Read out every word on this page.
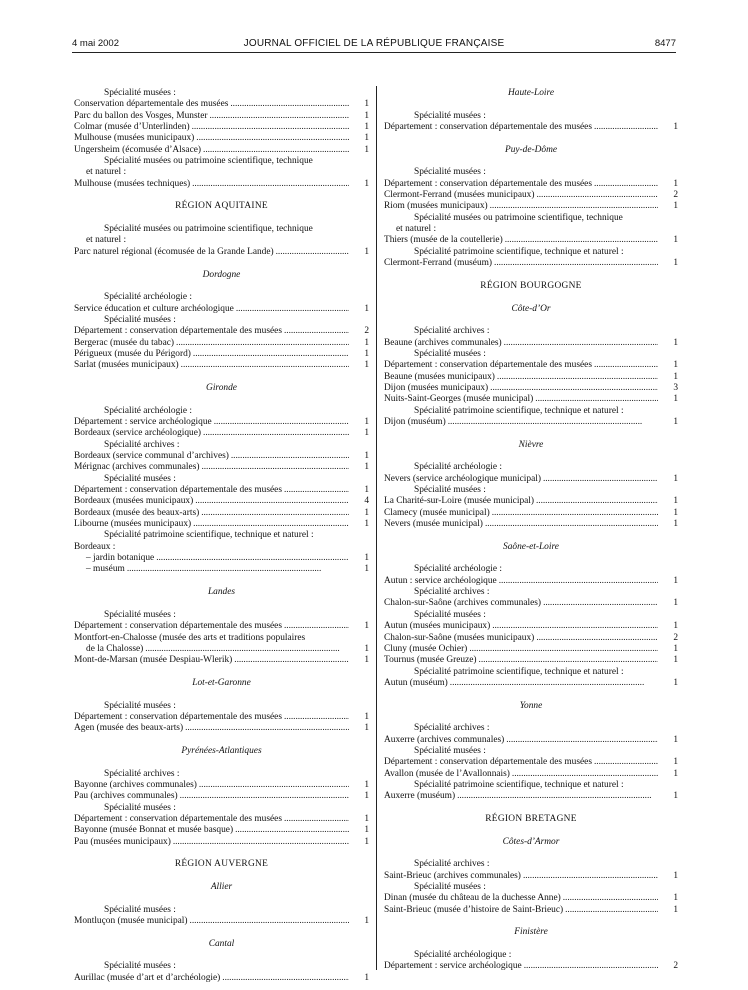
4 mai 2002	JOURNAL OFFICIEL DE LA RÉPUBLIQUE FRANÇAISE	8477
Spécialité musées :
Conservation départementale des musées . . .	1
Parc du ballon des Vosges, Munster . . .	1
Colmar (musée d’Unterlinden) . . .	1
Mulhouse (musées municipaux) . . .	1
Ungersheim (écomusée d’Alsace) . . .	1
Spécialité musées ou patrimoine scientifique, technique
et naturel :
Mulhouse (musées techniques) . . .	1
RÉGION AQUITAINE
Spécialité musées ou patrimoine scientifique, technique
et naturel :
Parc naturel régional (écomusée de la Grande Lande) . . .	1
Dordogne
Spécialité archéologie :
Service éducation et culture archéologique . . .	1
Spécialité musées :
Département : conservation départementale des musées . . .	2
Bergerac (musée du tabac) . . .	1
Périgueux (musée du Périgord) . . .	1
Sarlat (musées municipaux) . . .	1
Gironde
Spécialité archéologie :
Département : service archéologique . . .	1
Bordeaux (service archéologique) . . .	1
Spécialité archives :
Bordeaux (service communal d’archives) . . .	1
Mérignac (archives communales) . . .	1
Spécialité musées :
Département : conservation départementale des musées . . .	1
Bordeaux (musées municipaux) . . .	4
Bordeaux (musée des beaux-arts) . . .	1
Libourne (musées municipaux) . . .	1
Spécialité patrimoine scientifique, technique et naturel :
Bordeaux :
– jardin botanique . . .	1
– muséum . . .	1
Landes
Spécialité musées :
Département : conservation départementale des musées . . .	1
Montfort-en-Chalosse (musée des arts et traditions populaires
de la Chalosse) . . .	1
Mont-de-Marsan (musée Despiau-Wlerik) . . .	1
Lot-et-Garonne
Spécialité musées :
Département : conservation départementale des musées . . .	1
Agen (musée des beaux-arts) . . .	1
Pyrénées-Atlantiques
Spécialité archives :
Bayonne (archives communales) . . .	1
Pau (archives communales) . . .	1
Spécialité musées :
Département : conservation départementale des musées . . .	1
Bayonne (musée Bonnat et musée basque) . . .	1
Pau (musées municipaux) . . .	1
RÉGION AUVERGNE
Allier
Spécialité musées :
Montluçon (musée municipal) . . .	1
Cantal
Spécialité musées :
Aurillac (musée d’art et d’archéologie) . . .	1
Haute-Loire
Spécialité musées :
Département : conservation départementale des musées . . .	1
Puy-de-Dôme
Spécialité musées :
Département : conservation départementale des musées . . .	1
Clermont-Ferrand (musées municipaux) . . .	2
Riom (musées municipaux) . . .	1
Spécialité musées ou patrimoine scientifique, technique
et naturel :
Thiers (musée de la coutellerie) . . .	1
Spécialité patrimoine scientifique, technique et naturel :
Clermont-Ferrand (muséum) . . .	1
RÉGION BOURGOGNE
Côte-d’Or
Spécialité archives :
Beaune (archives communales) . . .	1
Spécialité musées :
Département : conservation départementale des musées . . .	1
Beaune (musées municipaux) . . .	1
Dijon (musées municipaux) . . .	3
Nuits-Saint-Georges (musée municipal) . . .	1
Spécialité patrimoine scientifique, technique et naturel :
Dijon (muséum) . . .	1
Nièvre
Spécialité archéologie :
Nevers (service archéologique municipal) . . .	1
Spécialité musées :
La Charité-sur-Loire (musée municipal) . . .	1
Clamecy (musée municipal) . . .	1
Nevers (musée municipal) . . .	1
Saône-et-Loire
Spécialité archéologie :
Autun : service archéologique . . .	1
Spécialité archives :
Chalon-sur-Saône (archives communales) . . .	1
Spécialité musées :
Autun (musées municipaux) . . .	1
Chalon-sur-Saône (musées municipaux) . . .	2
Cluny (musée Ochier) . . .	1
Tournus (musée Greuze) . . .	1
Spécialité patrimoine scientifique, technique et naturel :
Autun (muséum) . . .	1
Yonne
Spécialité archives :
Auxerre (archives communales) . . .	1
Spécialité musées :
Département : conservation départementale des musées . . .	1
Avallon (musée de l’Avallonnais) . . .	1
Spécialité patrimoine scientifique, technique et naturel :
Auxerre (muséum) . . .	1
RÉGION BRETAGNE
Côtes-d’Armor
Spécialité archives :
Saint-Brieuc (archives communales) . . .	1
Spécialité musées :
Dinan (musée du château de la duchesse Anne) . . .	1
Saint-Brieuc (musée d’histoire de Saint-Brieuc) . . .	1
Finistère
Spécialité archéologique :
Département : service archéologique . . .	2
